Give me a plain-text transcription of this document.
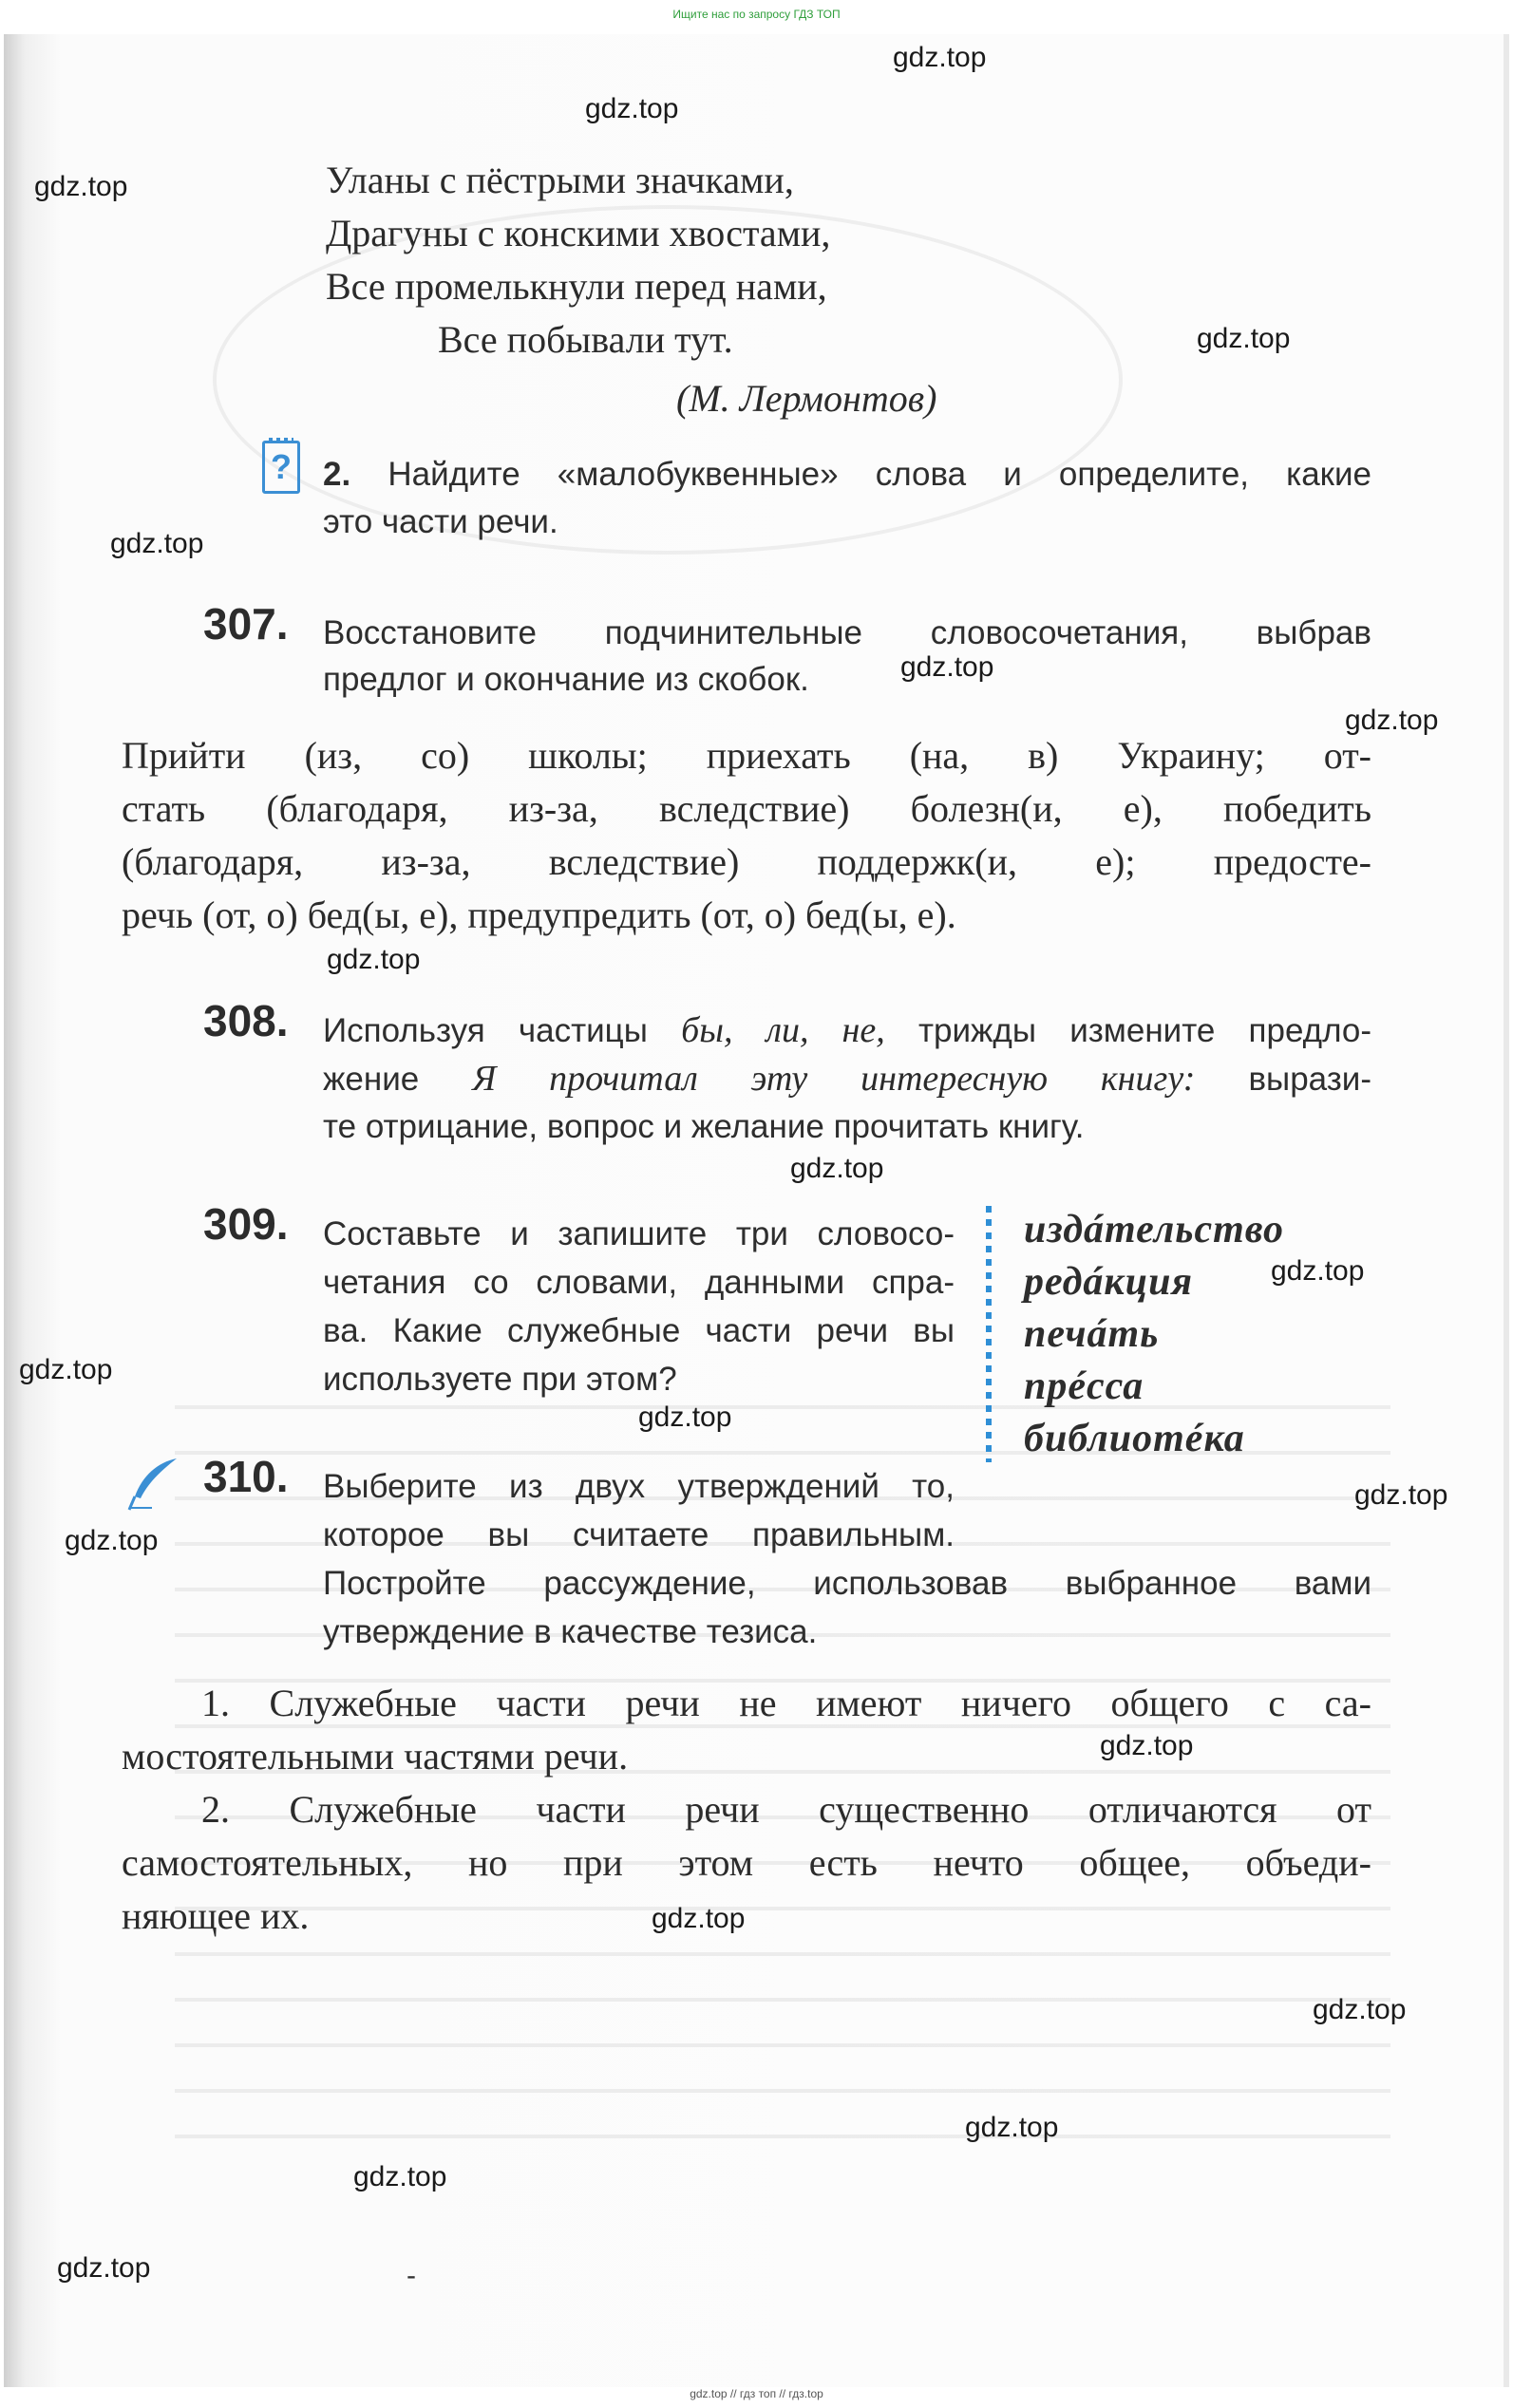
Ищите нас по запросу ГДЗ ТОП
Уланы с пёстрыми значками,
Драгуны с конскими хвостами,
Все промелькнули перед нами,
Все побывали тут.
(М. Лермонтов)
? 2. Найдите «малобуквенные» слова и определите, какие
это части речи.
307. Восстановите подчинительные словосочетания, выбрав
предлог и окончание из скобок.
Прийти (из, со) школы; приехать (на, в) Украину; от-
стать (благодаря, из-за, вследствие) болезн(и, е), победить
(благодаря, из-за, вследствие) поддержк(и, е); предосте-
речь (от, о) бед(ы, е), предупредить (от, о) бед(ы, е).
308. Используя частицы бы, ли, не, трижды измените предло-
жение Я прочитал эту интересную книгу: вырази-
те отрицание, вопрос и желание прочитать книгу.
309. Составьте и запишите три словосо-
четания со словами, данными спра-
ва. Какие служебные части речи вы
используете при этом?
издáтельство
редáкция
печáть
прéсса
библиотéка
310. Выберите из двух утверждений то,
которое вы считаете правильным.
Постройте рассуждение, использовав выбранное вами
утверждение в качестве тезиса.
1. Служебные части речи не имеют ничего общего с са-
мостоятельными частями речи.
2. Служебные части речи существенно отличаются от
самостоятельных, но при этом есть нечто общее, объеди-
няющее их.
-
gdz.top
gdz.top
gdz.top
gdz.top
gdz.top
gdz.top
gdz.top
gdz.top
gdz.top
gdz.top
gdz.top
gdz.top
gdz.top
gdz.top
gdz.top
gdz.top
gdz.top
gdz.top
gdz.top
gdz.top
gdz.top // гдз топ // гдз.top
